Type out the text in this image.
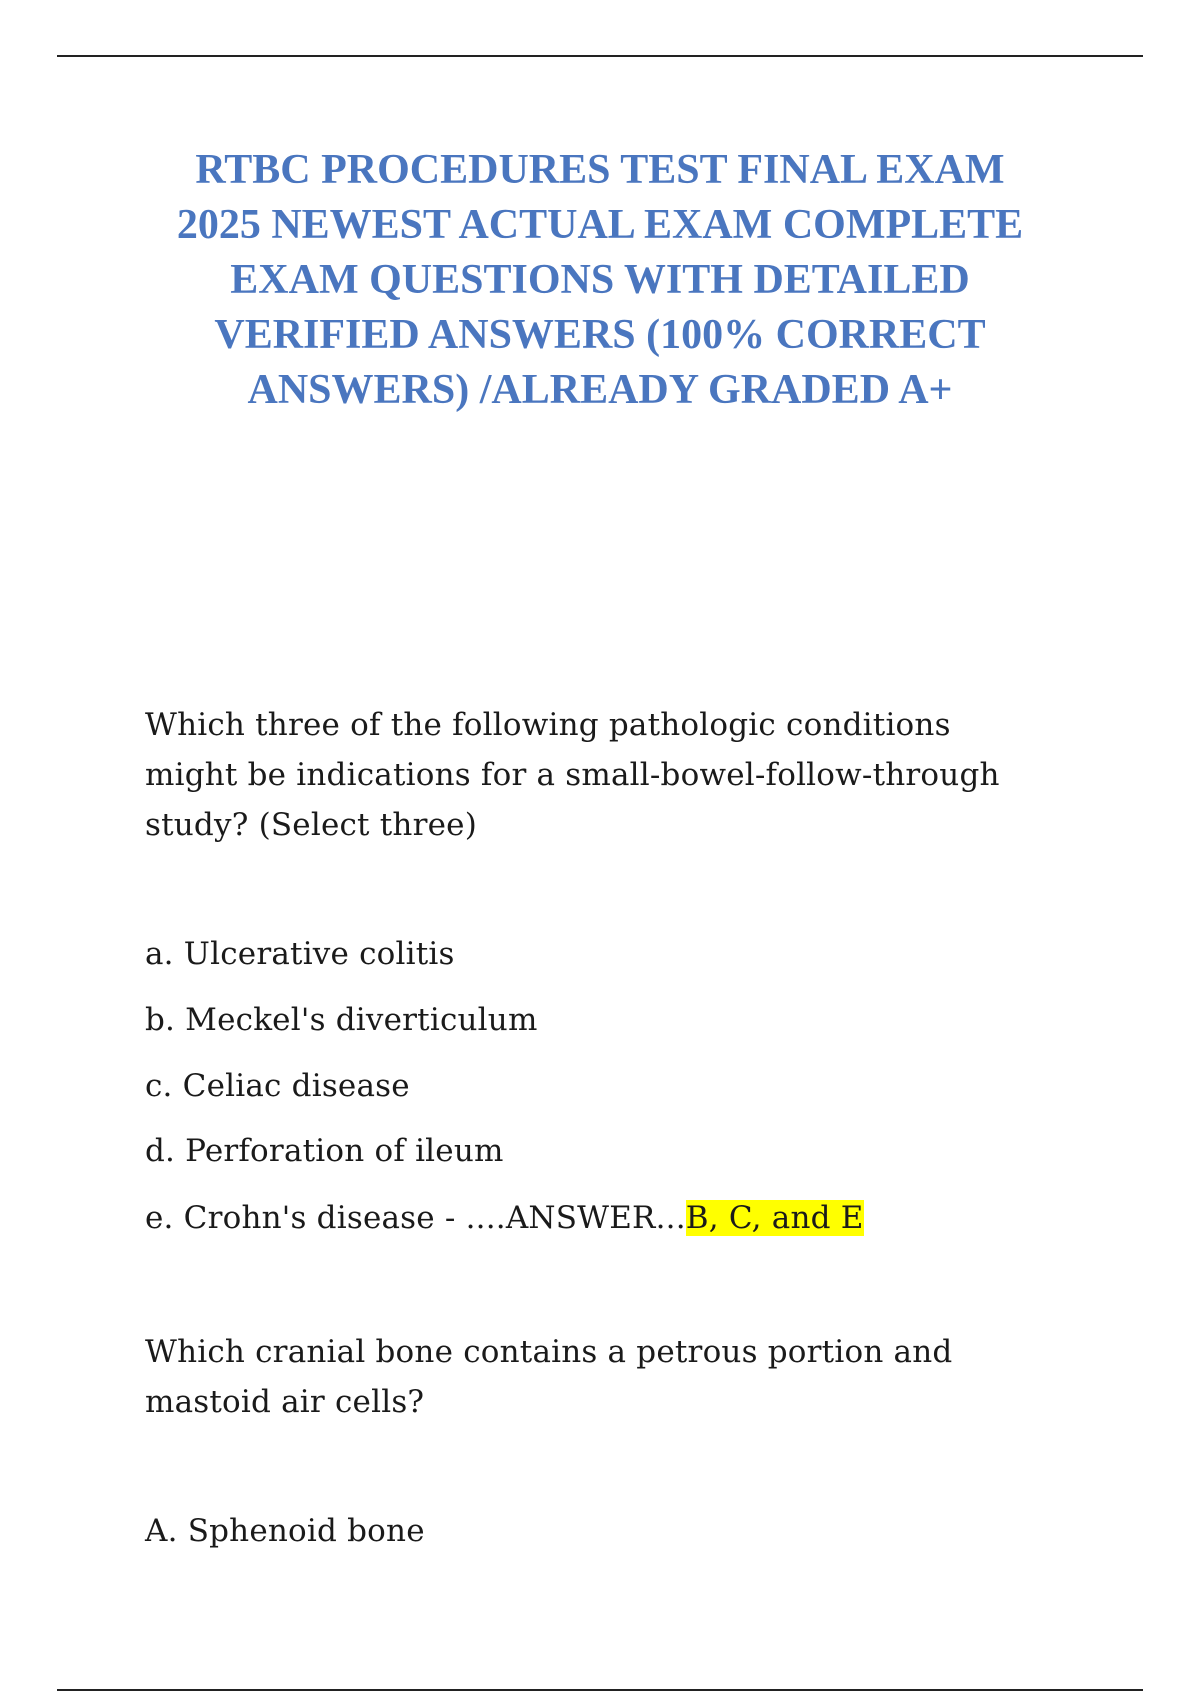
RTBC PROCEDURES TEST FINAL EXAM
2025 NEWEST ACTUAL EXAM COMPLETE
EXAM QUESTIONS WITH DETAILED
VERIFIED ANSWERS (100% CORRECT
ANSWERS) /ALREADY GRADED A+
Which three of the following pathologic conditions
might be indications for a small-bowel-follow-through
study? (Select three)
a. Ulcerative colitis
b. Meckel's diverticulum
c. Celiac disease
d. Perforation of ileum
e. Crohn's disease - ....ANSWER...B, C, and E
Which cranial bone contains a petrous portion and
mastoid air cells?
A. Sphenoid bone
